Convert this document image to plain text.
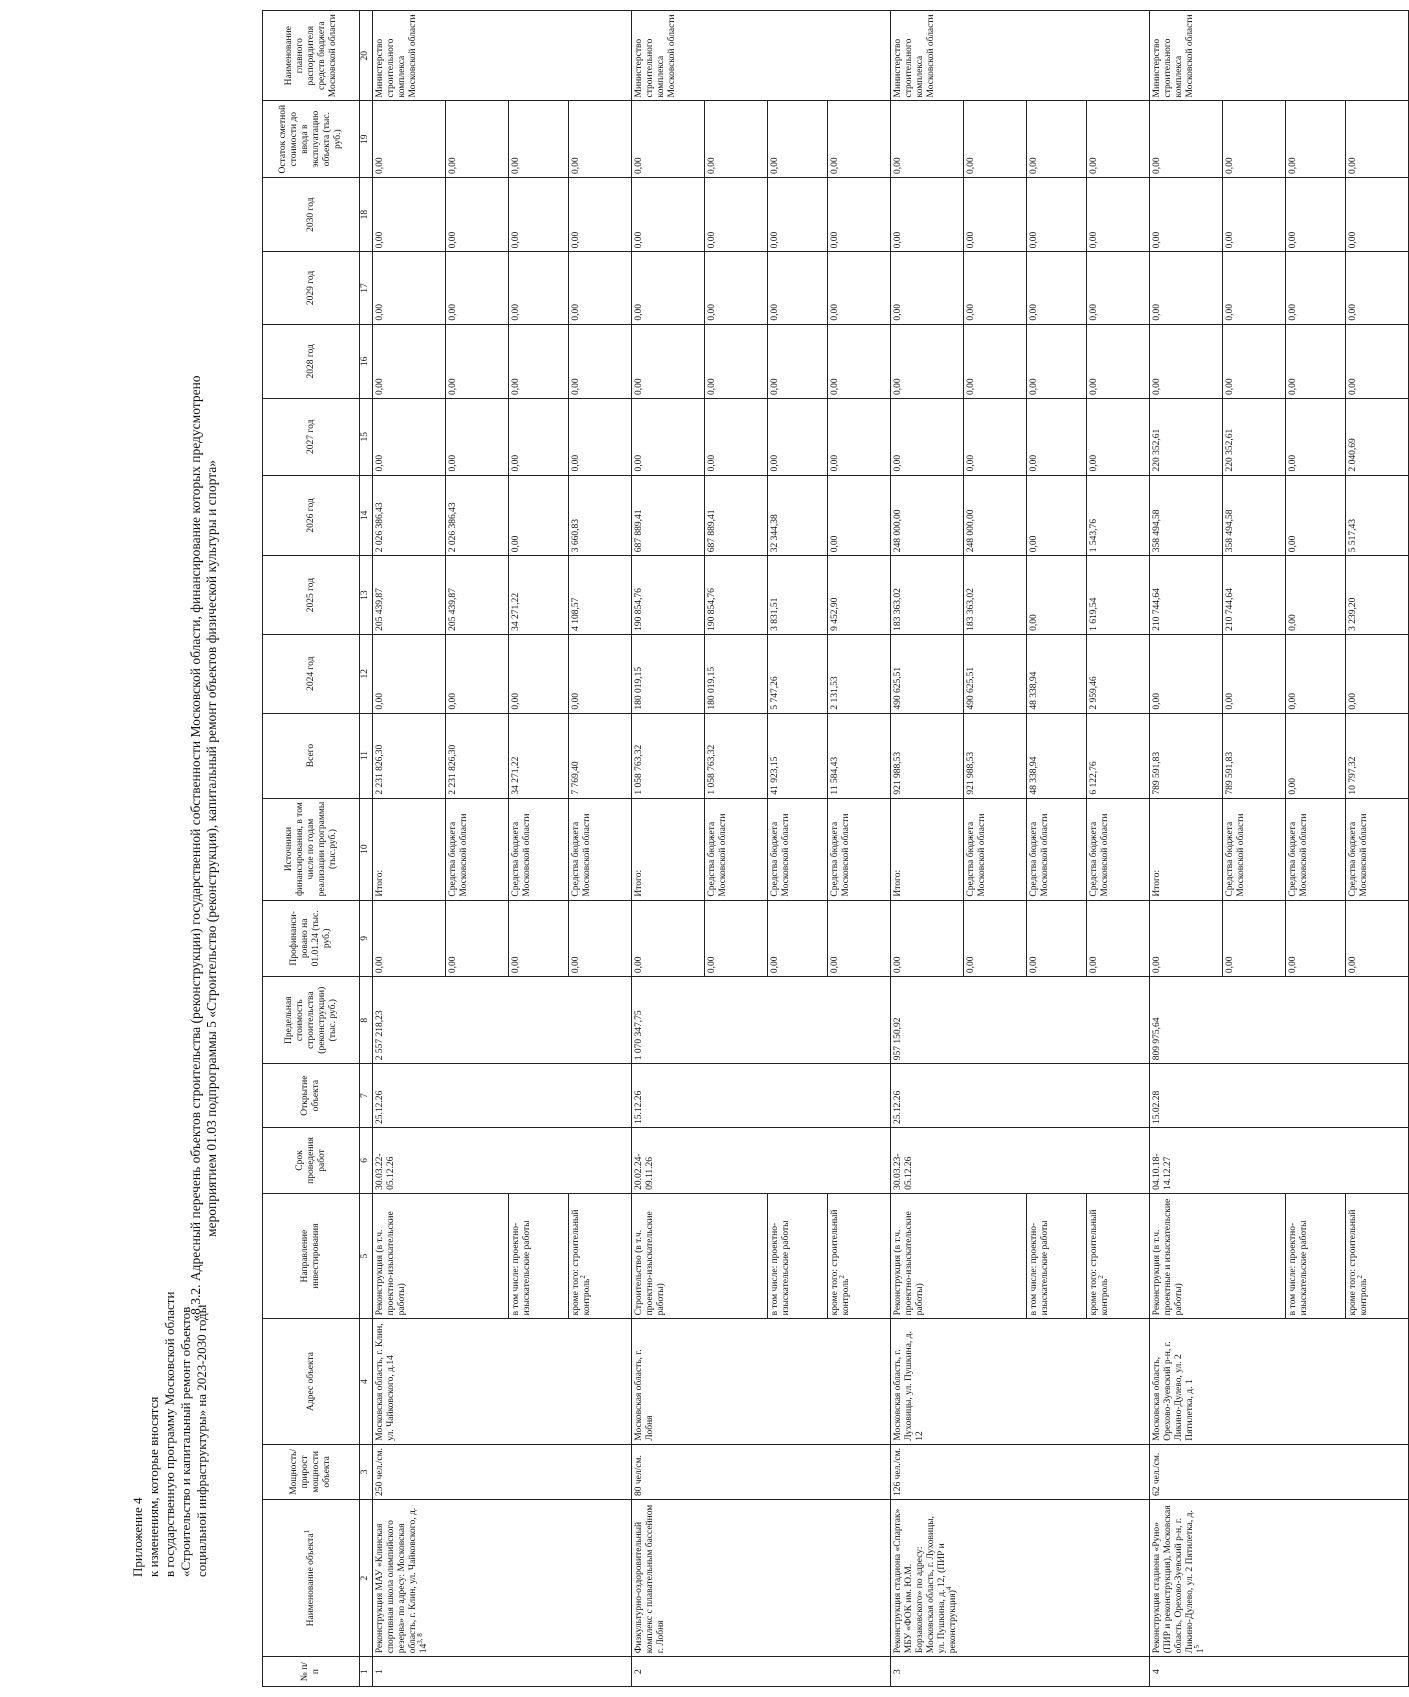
Приложение 4 к изменениям, которые вносятся в государственную программу Московской области «Строительство и капитальный ремонт объектов социальной инфраструктуры» на 2023-2030 годы
«8.3.2. Адресный перечень объектов строительства (реконструкции) государственной собственности Московской области, финансирование которых предусмотрено мероприятием 01.03 подпрограммы 5 «Строительство (реконструкция), капитальный ремонт объектов физической культуры и спорта»
№ п/п	Наименование объекта$^1$	Мощность/ прирост мощности объекта	Адрес объекта	Направление инвестирования	Срок проведения работ	Открытие объекта	Предельная стоимость строительства (реконструкции) (тыс. руб.)	Профинанси-ровано на 01.01.24 (тыс. руб.)	Источники финансирования, в том числе по годам реализации программы (тыс.руб.)	Всего	2024 год	2025 год	2026 год	2027 год	2028 год	2029 год	2030 год	Остаток сметной стоимости до ввода в эксплуатацию объекта (тыс. руб.)	Наименование главного распорядителя средств бюджета Московской области
1	2	3	4	5	6	7	8	9	10	11	12	13	14	15	16	17	18	19	20
1	Реконструкция МАУ «Клинская спортивная школа олимпийского резерва» по адресу: Московская область, г. Клин, ул. Чайковского, д. 14$^{3, 8}$	250 чел./см.	Московская область, г. Клин, ул. Чайковского, д.14	Реконструкция (в т.ч. проектно-изыскательские работы)	30.03.22-05.12.26	25.12.26	2 557 218,23	0,00	Итого:	2 231 826,30	0,00	205 439,87	2 026 386,43	0,00	0,00	0,00	0,00	0,00	Министерство строительного комплекса Московской области
								0,00	Средства бюджета Московской области	2 231 826,30	0,00	205 439,87	2 026 386,43	0,00	0,00	0,00	0,00	0,00	
				в том числе: проектно-изыскательские работы				0,00	Средства бюджета Московской области	34 271,22	0,00	34 271,22	0,00	0,00	0,00	0,00	0,00	0,00	
				кроме того: строительный контроль$^2$				0,00	Средства бюджета Московской области	7 769,40	0,00	4 108,57	3 660,83	0,00	0,00	0,00	0,00	0,00	
2	Физкультурно-оздоровительный комплекс с плавательным бассейном г. Лобня	80 чел/см.	Московская область, г. Лобня	Строительство (в т.ч. проектно-изыскательские работы)	20.02.24-09.11.26	15.12.26	1 070 347,75	0,00	Итого:	1 058 763,32	180 019,15	190 854,76	687 889,41	0,00	0,00	0,00	0,00	0,00	Министерство строительного комплекса Московской области
								0,00	Средства бюджета Московской области	1 058 763,32	180 019,15	190 854,76	687 889,41	0,00	0,00	0,00	0,00	0,00	
				в том числе: проектно-изыскательские работы				0,00	Средства бюджета Московской области	41 923,15	5 747,26	3 831,51	32 344,38	0,00	0,00	0,00	0,00	0,00	
				кроме того: строительный контроль$^2$				0,00	Средства бюджета Московской области	11 584,43	2 131,53	9 452,90	0,00	0,00	0,00	0,00	0,00	0,00	
3	Реконструкция стадиона «Спартак» МБУ «ФОК им. Ю.М. Борзаковского» по адресу: Московская область, г. Луховицы, ул. Пушкина, д. 12, (ПИР и реконструкция)$^4$	126 чел./см.	Московская область, г. Луховицы, ул. Пушкина, д. 12	Реконструкция (в т.ч. проектно-изыскательские работы)	30.03.23-05.12.26	25.12.26	957 150,92	0,00	Итого:	921 988,53	490 625,51	183 363,02	248 000,00	0,00	0,00	0,00	0,00	0,00	Министерство строительного комплекса Московской области
								0,00	Средства бюджета Московской области	921 988,53	490 625,51	183 363,02	248 000,00	0,00	0,00	0,00	0,00	0,00	
				в том числе: проектно-изыскательские работы				0,00	Средства бюджета Московской области	48 338,94	48 338,94	0,00	0,00	0,00	0,00	0,00	0,00	0,00	
				кроме того: строительный контроль$^2$				0,00	Средства бюджета Московской области	6 122,76	2 959,46	1 619,54	1 543,76	0,00	0,00	0,00	0,00	0,00	
4	Реконструкция стадиона «Руно» (ПИР и реконструкция), Московская область, Орехово-Зуевский р-н, г. Ликино-Дулево, ул. 2 Пятилетка, д. $1^5$	62 чел./см.	Московская область, Орехово-Зуевский р-н, г. Ликино-Дулево, ул. 2 Пятилетка, д. 1	Реконструкция (в т.ч. проектные и изыскательские работы)	04.10.18-14.12.27	15.02.28	809 975,64	0,00	Итого:	789 591,83	0,00	210 744,64	358 494,58	220 352,61	0,00	0,00	0,00	0,00	Министерство строительного комплекса Московской области
								0,00	Средства бюджета Московской области	789 591,83	0,00	210 744,64	358 494,58	220 352,61	0,00	0,00	0,00	0,00	
				в том числе: проектно-изыскательские работы				0,00	Средства бюджета Московской области	0,00	0,00	0,00	0,00	0,00	0,00	0,00	0,00	0,00	
				кроме того: строительный контроль$^2$				0,00	Средства бюджета Московской области	10 797,32	0,00	3 239,20	5 517,43	2 040,69	0,00	0,00	0,00	0,00	
